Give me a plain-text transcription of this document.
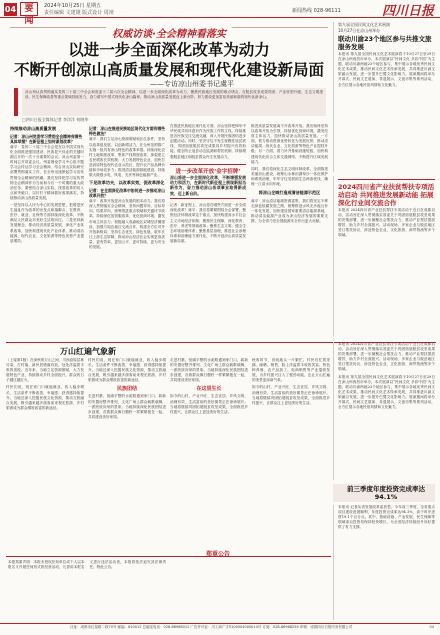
04 要闻
2024年10月25日 星期五
责任编辑 文建雄 版式设计 周靖	新闻热线 028-96111	四川日报
权威访谈·全会精神看落实
以进一步全面深化改革为动力
不断开创凉山高质量发展和现代化建设新局面
——专访凉山州委书记虞平
凉山州认真贯彻落实党的二十届三中全会和省委十二届六次全会精神，以进一步全面深化改革为动力，聚焦民族地区发展的难点堵点，在脱贫攻坚成果巩固、产业转型升级、生态文明建设、民生保障改善等重点领域持续发力，奋力谱写中国式现代化凉山篇章，推动凉山高质量发展迈上新台阶，努力建设更加富裕美丽和谐的现代化新凉山。
□四川日报全媒体记者 李洋洋 何晓华
持续推动凉山高质量发展
记者：凉山州党委学习贯彻全会精神有哪些具体举措？在新征程上如何谋划改革？
虞平：党的二十届三中全会是在以中国式现代化全面推进强国建设、民族复兴伟业的关键时期召开的一次十分重要的会议。凉山州委第一时间召开常委会议、州委理论学习中心组专题学习会传达学习全会精神，结合凉山实际研究部署贯彻落实工作，在全州迅速掀起学习宣传贯彻全会精神的热潮。我们坚持把学习宣传贯彻全会精神作为当前和今后一个时期的重大政治任务，紧密结合凉山实际，找准改革的切入点和突破口，以钉钉子精神抓好改革落实，持续推动凉山高质量发展。
一是坚持以人民为中心的发展思想，把增进民生福祉作为改革的出发点和落脚点，在教育、医疗、就业、社保等方面持续深化改革，不断满足人民群众对美好生活的向往。二是坚持新发展理念，推动经济高质量发展，深化产业体系改革，加快构建现代化产业体系，推动清洁能源、现代农业、文化旅游等特色优势产业提质增效。
记者：凉山在推进民族地区现代化方面有哪些特色做法？
虞平：我们立足凉山资源禀赋和区位条件，坚持以改革促发展、以创新增活力，在全州范围推广实施一批具有凉山特色的改革举措。持续深化农村土地制度改革、集体产权制度改革，探索建立农民增收长效机制；大力发展特色农业，加快打造高原特色现代农业示范区，提升农产品品牌价值和市场竞争力；推进清洁能源基地建设，持续做大做强水电、风电、光伏等绿色能源产业。
下足改革功夫，以改革实效，促改革深化
记者：在全面深化改革中如何进一步推动凉山改革开放？
虞平：改革开放是凉山发展的根本动力。我们将深入贯彻落实全会精神，坚持问题导向、目标导向、结果导向，统筹推进重点领域和关键环节改革。持续深化放管服改革，优化营商环境，激发市场主体活力；积极融入成渝地区双城经济圈建设，加强与周边地区交流合作，构建全方位对外开放新格局；坚持生态优先、绿色发展，筑牢长江上游生态屏障，推动凉山经济社会实现更高质量、更有效率、更加公平、更可持续、更为安全的发展。
在推进民族地区现代化方面，凉山坚持把铸牢中华民族共同体意识作为民族工作的主线，持续推进各民族交往交流交融，深入开展民族团结进步创建活动。同时，坚决守住不发生规模性返贫底线，巩固拓展脱贫攻坚成果同乡村振兴有效衔接，健全防止返贫动态监测和帮扶机制，持续增强脱贫地区和脱贫群众内生发展动力。
进一步改革开放‘金字招牌’
凉山将进一步全面深化改革，不断增强发展动力和活力，在新时代新征程上展现新担当新作为，奋力推动凉山各项事业取得新成效、迈上新台阶。
记者：新征程上，凉山将在哪些方面进一步全面深化改革？虞平：我们将紧紧围绕全会部署，聚焦经济体制改革这个重点，加快构建高水平社会主义市场经济体制；聚焦民生保障，深化教育、医疗、养老等领域改革；聚焦生态文明，健全生态环境治理体系；聚焦基层治理，推进社会治理体系和治理能力现代化，不断开创凉山高质量发展新局面。
推进高质量发展离不开改革开放。我们始终坚持以改革开放为引领，持续优化营商环境，激发经营主体活力，加快推动凉山高质量发展。一方面，着力推动资源优势转化为发展优势，推动清洁能源、现代农业、文化旅游等特色产业提档升级；另一方面，着力补齐基础设施短板，加快构建现代化综合立体交通网络，不断提升区域发展能力。
同时，我们将深化生态文明体制改革，全面推进美丽凉山建设，统筹山水林田湖草沙一体化保护和系统治理，牢牢守住发展和生态两条底线，确保一江清水向东流。
将凉山全域打造成清洁能源示范区
虞平：凉山清洁能源资源富集，我们将坚定不移走绿色低碳发展之路，统筹推进水风光多能互补一体化发展，加快建设国家重要清洁能源基地，推动清洁能源产业成为凉山经济发展的重要支撑，为全省乃至全国能源安全作出更大贡献。
第九届全国民间文化艺术展演
10月27日在凉山州举办
联动川渝23个地区参与共推文旅服务发展
本报讯 第九届全国民间文化艺术展演将于10月27日至29日在凉山州西昌市举办，本次展演以“民间文化 多彩中国”为主题，联动川渝两地23个地区参与，集中展示各地优秀民间文化艺术成果，推动民间文化艺术传承发展，共同推进川渝文旅融合发展，进一步提升巴蜀文化影响力。展演期间将举办开幕式、民间文艺展演、非遗展示、文创市集等系列活动，全方位展示各地民俗风情和文化魅力。
2024四川省产业扶贫帮扶专项活动启动 共同推进发展新动能 拓展深化行业间交流合作
本报讯 2024四川省产业扶贫帮扶专项活动于近日在成都启动，活动旨在深入贯彻落实省委关于巩固拓展脱贫攻坚成果的决策部署，进一步凝聚社会帮扶合力，推动产业帮扶提质增效，助力乡村全面振兴。活动现场，多家企业与脱贫地区签订帮扶协议，涉及特色农业、文化旅游、商贸物流等多个领域。
万山红遍气象新
（上接第1版）在深秋的万山之间，川西高原层林尽染，古村落、新民居错落有致，处处洋溢着丰收的喜悦。近年来，当地立足资源禀赋，大力发展特色产业，持续推动乡村全面振兴，群众的日子越过越红火。
村民们说，现在家门口就能就业，收入稳步增长，生活条件不断改善，幸福感、获得感持续提升。当地还深入挖掘民族文化资源，推动文旅融合发展，吸引越来越多游客前来观光旅游，乡村旅游成为群众增收致富的新途径。
村民们说，现在家门口就能就业，收入稳步增长，生活条件不断改善，幸福感、获得感持续提升。当地还深入挖掘民族文化资源，推动文旅融合发展，吸引越来越多游客前来观光旅游，乡村旅游成为群众增收致富的新途径。
民族团结
走进村寨，宽阔平整的水泥路通到家门口，崭新的安置房整齐排列，文化广场上群众载歌载舞，一派欣欣向荣的景象。当地持续深化民族团结进步创建，各族群众像石榴籽一样紧紧抱在一起，共同建设美好家园。
走进村寨，宽阔平整的水泥路通到家门口，崭新的安置房整齐排列，文化广场上群众载歌载舞，一派欣欣向荣的景象。当地持续深化民族团结进步创建，各族群众像石榴籽一样紧紧抱在一起，共同建设美好家园。
在这里生长
如今的山村，产业兴旺、生态宜居、乡风文明、治理有效、生活富裕的美好图景正在徐徐展开。当地将继续巩固拓展脱贫攻坚成果，全面推进乡村振兴，让群众过上更加美好的生活。
秋收时节，田间地头一片繁忙。村民们忙着采摘、晾晒、销售，脸上洋溢着丰收的笑容。特色种养殖、农产品加工、电商销售等产业蓬勃发展，为乡村振兴注入了强劲动能，也让万山红遍的美景更添新气象。
如今的山村，产业兴旺、生态宜居、乡风文明、治理有效、生活富裕的美好图景正在徐徐展开。当地将继续巩固拓展脱贫攻坚成果，全面推进乡村振兴，让群众过上更加美好的生活。
本报讯 2024四川省产业扶贫帮扶专项活动于近日在成都启动，活动旨在深入贯彻落实省委关于巩固拓展脱贫攻坚成果的决策部署，进一步凝聚社会帮扶合力，推动产业帮扶提质增效，助力乡村全面振兴。活动现场，多家企业与脱贫地区签订帮扶协议，涉及特色农业、文化旅游、商贸物流等多个领域。
本报讯 第九届全国民间文化艺术展演将于10月27日至29日在凉山州西昌市举办，本次展演以“民间文化 多彩中国”为主题，联动川渝两地23个地区参与，集中展示各地优秀民间文化艺术成果，推动民间文化艺术传承发展，共同推进川渝文旅融合发展，进一步提升巴蜀文化影响力。展演期间将举办开幕式、民间文艺展演、非遗展示、文创市集等系列活动，全方位展示各地民俗风情和文化魅力。
前三季度年度投资完成率达94.1%
本报讯 记者从省发展改革委获悉，今年前三季度，全省重点项目建设进展顺利，年度投资完成率达94.1%，高于时序进度19.1个百分点。其中，基础设施、产业发展、民生保障等领域项目投资均保持较快增长，为全省经济持续回升向好提供了有力支撑。
郑重公告
本报郑重声明：本报未授权任何单位或个人以本报名义开展任何形式的经营活动，凡冒用本报名义进行违法活动者，本报将依法追究其法律责任。特此公告。
社址：成都市红星路二段70号 邮编：610012 总编室电话：028-86968012 广告许可证：川工商广字5100004000014号 订阅：028-86968259 印刷：成都四川日报印务有限公司	04
